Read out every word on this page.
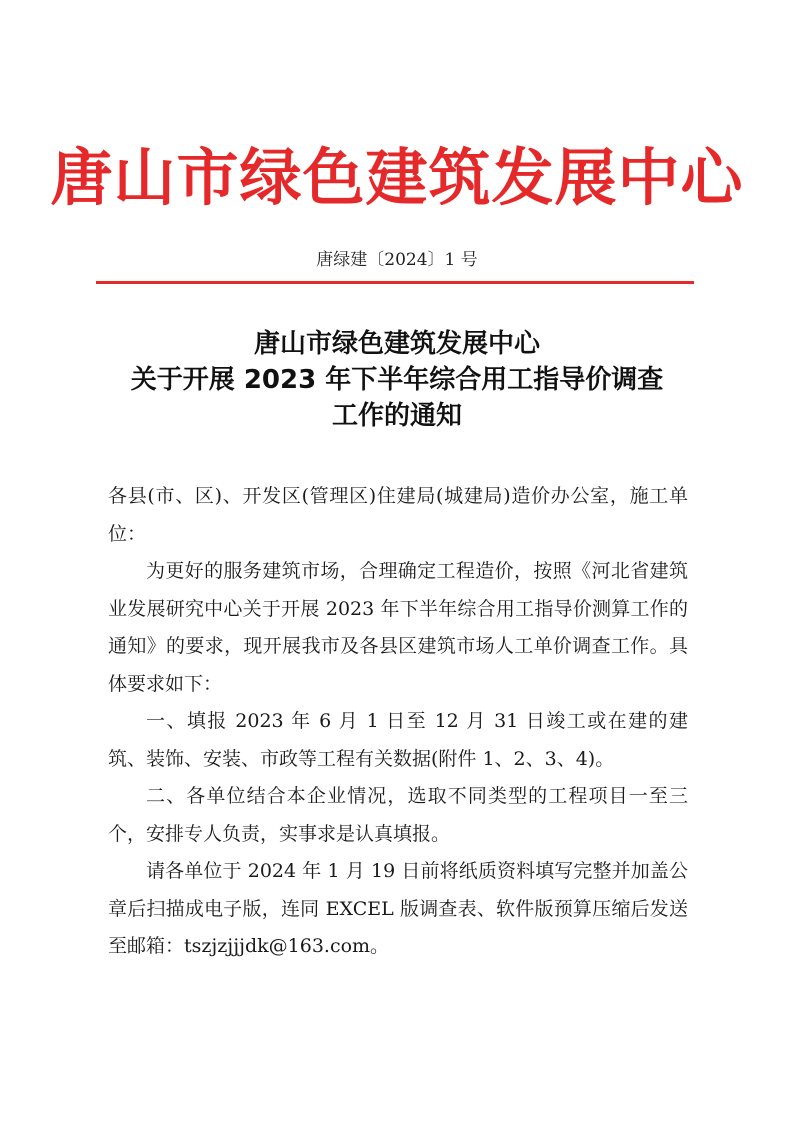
唐山市绿色建筑发展中心
唐绿建〔2024〕1 号
唐山市绿色建筑发展中心
关于开展 2023 年下半年综合用工指导价调查
工作的通知

各县(市、区)、开发区(管理区)住建局(城建局)造价办公室，施工单位：

为更好的服务建筑市场，合理确定工程造价，按照《河北省建筑业发展研究中心关于开展 2023 年下半年综合用工指导价测算工作的通知》的要求，现开展我市及各县区建筑市场人工单价调查工作。具体要求如下：

一、填报 2023 年 6 月 1 日至 12 月 31 日竣工或在建的建筑、装饰、安装、市政等工程有关数据(附件 1、2、3、4)。

二、各单位结合本企业情况，选取不同类型的工程项目一至三个，安排专人负责，实事求是认真填报。

请各单位于 2024 年 1 月 19 日前将纸质资料填写完整并加盖公章后扫描成电子版，连同 EXCEL 版调查表、软件版预算压缩后发送至邮箱：tszjzjjjdk@163.com。
